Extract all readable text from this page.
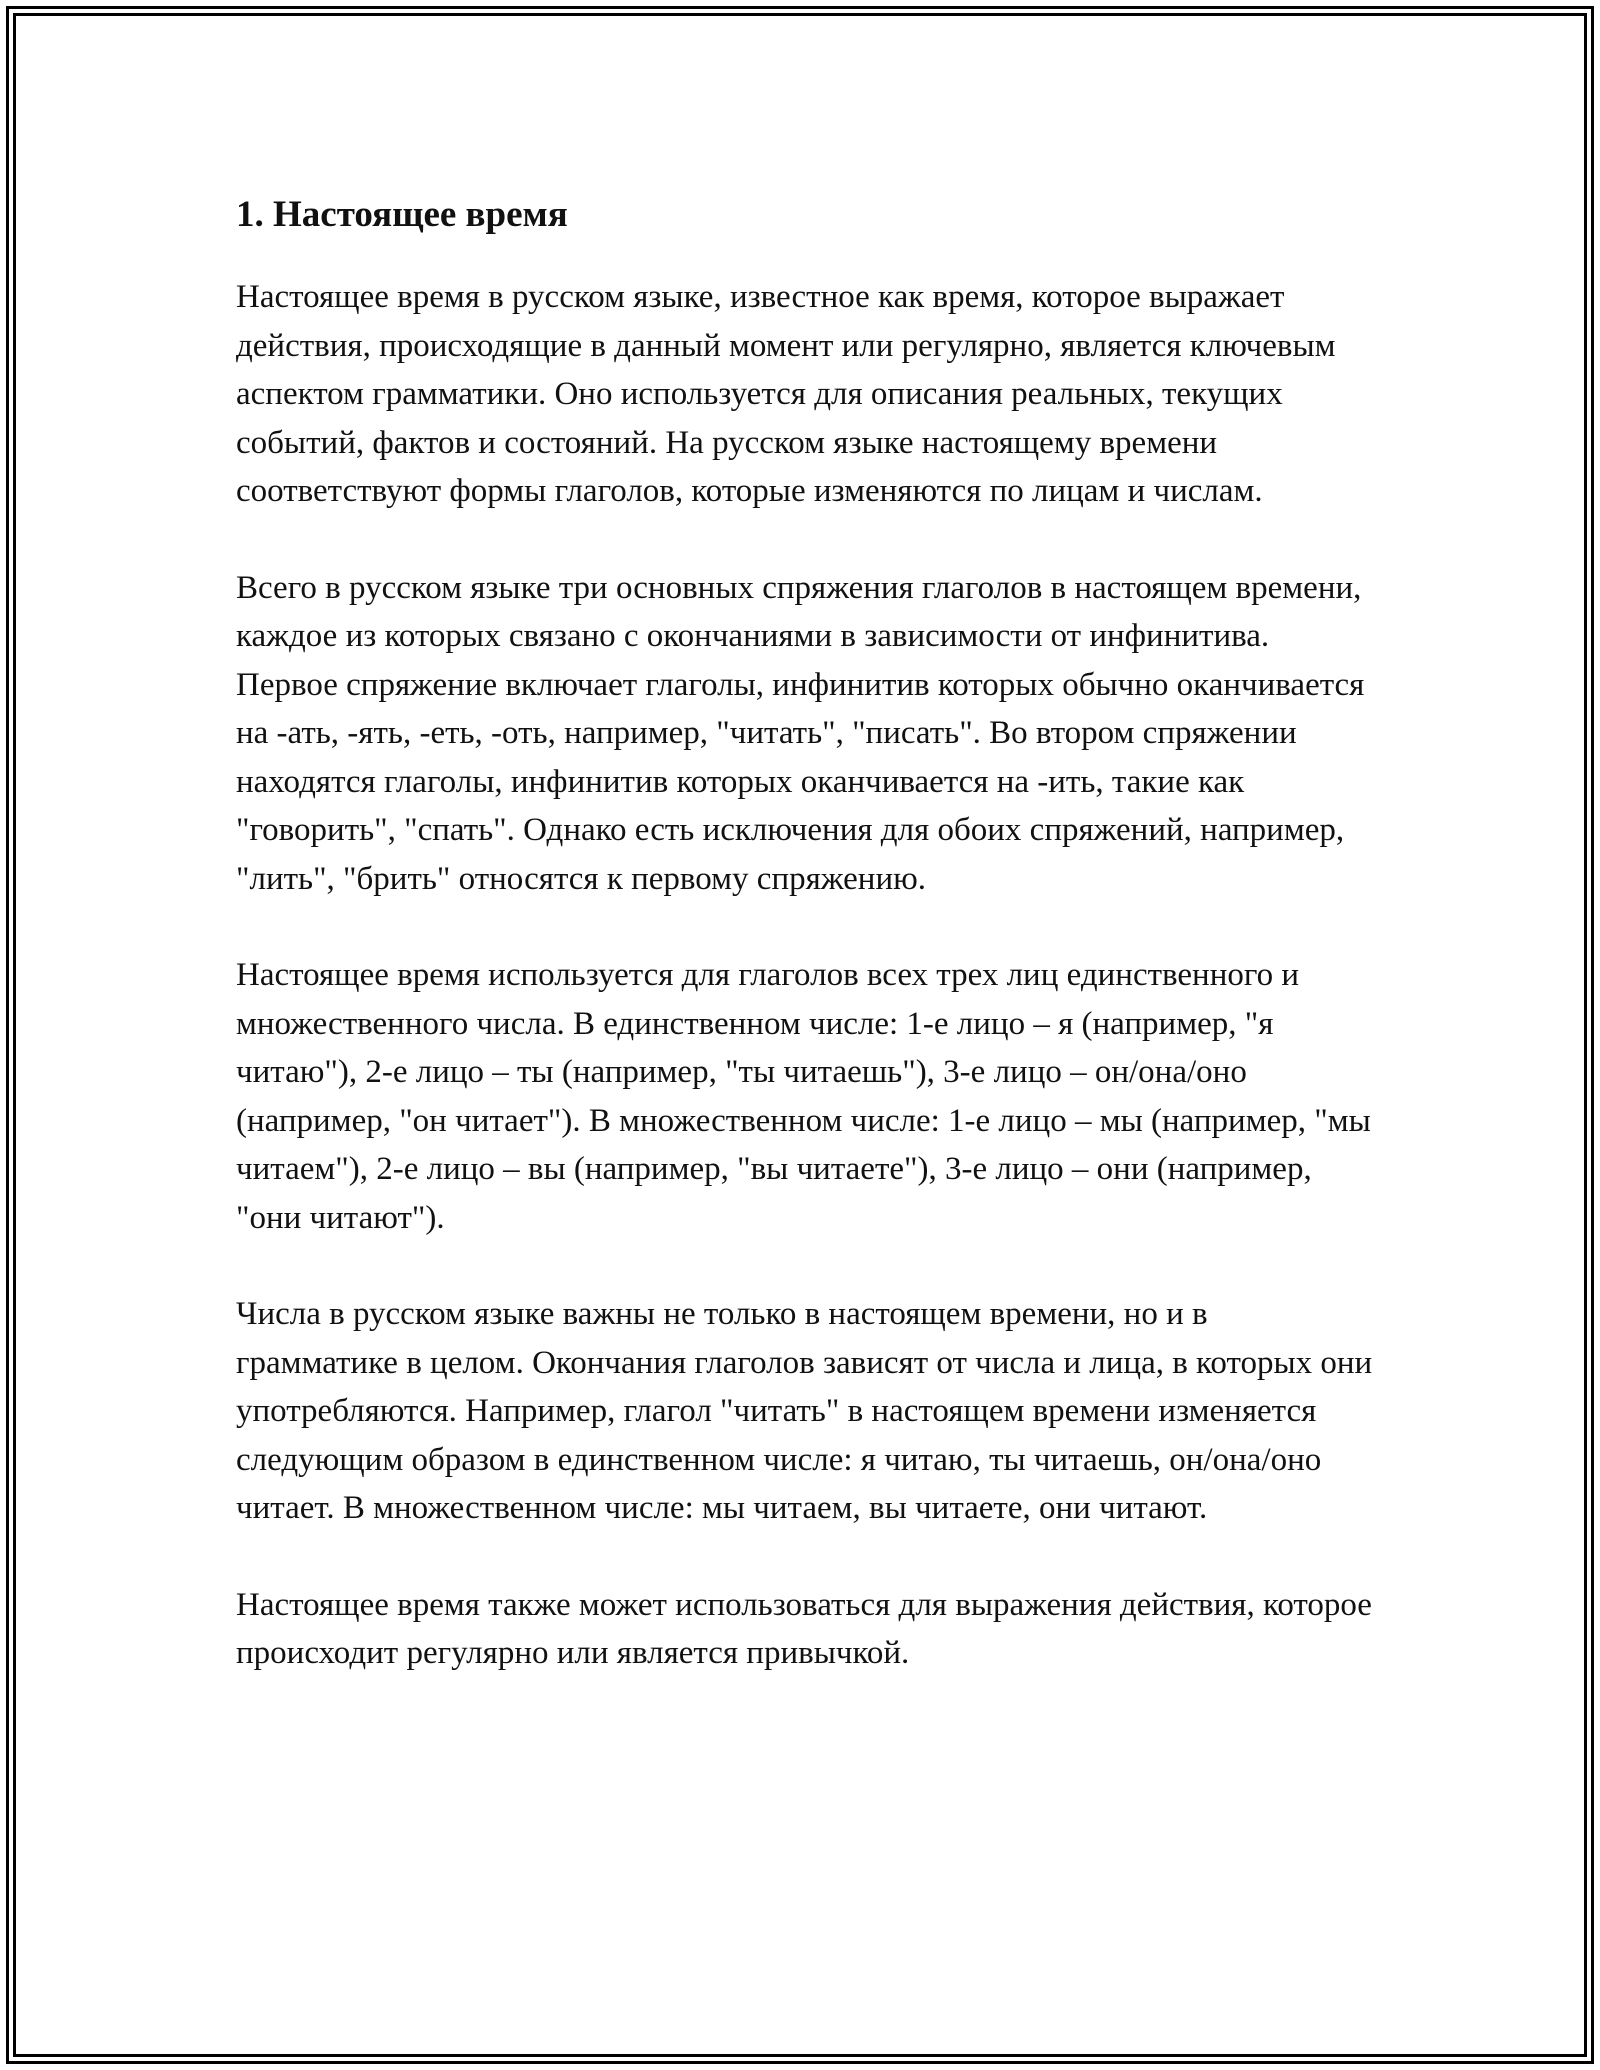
1. Настоящее время

Настоящее время в русском языке, известное как время, которое выражает действия, происходящие в данный момент или регулярно, является ключевым аспектом грамматики. Оно используется для описания реальных, текущих событий, фактов и состояний. На русском языке настоящему времени соответствуют формы глаголов, которые изменяются по лицам и числам.

Всего в русском языке три основных спряжения глаголов в настоящем времени, каждое из которых связано с окончаниями в зависимости от инфинитива. Первое спряжение включает глаголы, инфинитив которых обычно оканчивается на -ать, -ять, -еть, -оть, например, "читать", "писать". Во втором спряжении находятся глаголы, инфинитив которых оканчивается на -ить, такие как "говорить", "спать". Однако есть исключения для обоих спряжений, например, "лить", "брить" относятся к первому спряжению.

Настоящее время используется для глаголов всех трех лиц единственного и множественного числа. В единственном числе: 1-е лицо – я (например, "я читаю"), 2-е лицо – ты (например, "ты читаешь"), 3-е лицо – он/она/оно (например, "он читает"). В множественном числе: 1-е лицо – мы (например, "мы читаем"), 2-е лицо – вы (например, "вы читаете"), 3-е лицо – они (например, "они читают").

Числа в русском языке важны не только в настоящем времени, но и в грамматике в целом. Окончания глаголов зависят от числа и лица, в которых они употребляются. Например, глагол "читать" в настоящем времени изменяется следующим образом в единственном числе: я читаю, ты читаешь, он/она/оно читает. В множественном числе: мы читаем, вы читаете, они читают.

Настоящее время также может использоваться для выражения действия, которое происходит регулярно или является привычкой.
